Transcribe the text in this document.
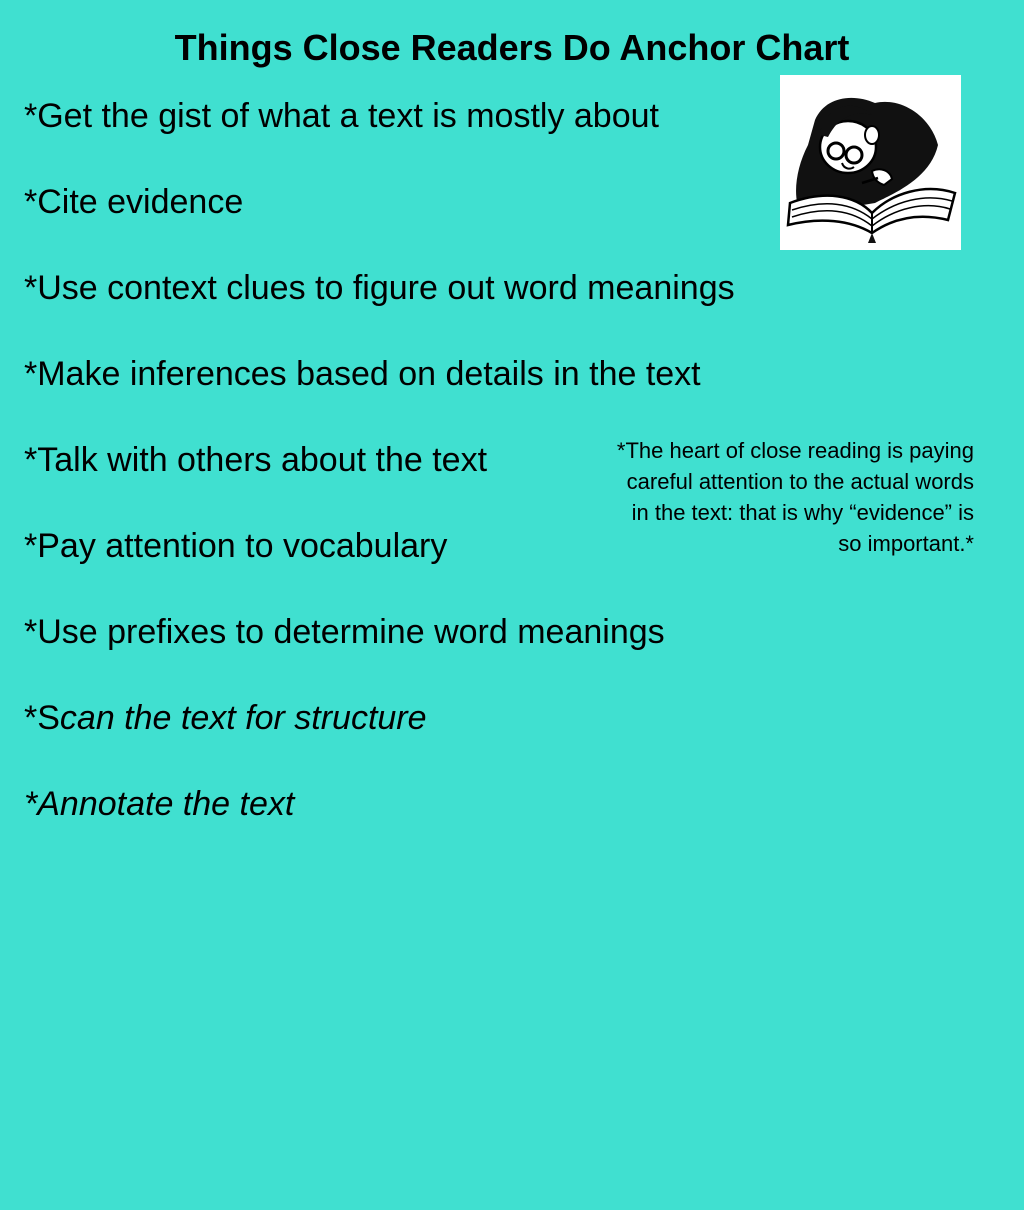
Things Close Readers Do Anchor Chart
*Get the gist of what a text is mostly about
*Cite evidence
*Use context clues to figure out word meanings
*Make inferences based on details in the text
*Talk with others about the text
*Pay attention to vocabulary
*Use prefixes to determine word meanings
*Scan the text for structure
*Annotate the text
*The heart of close reading is paying careful attention to the actual words in the text: that is why “evidence” is so important.*
